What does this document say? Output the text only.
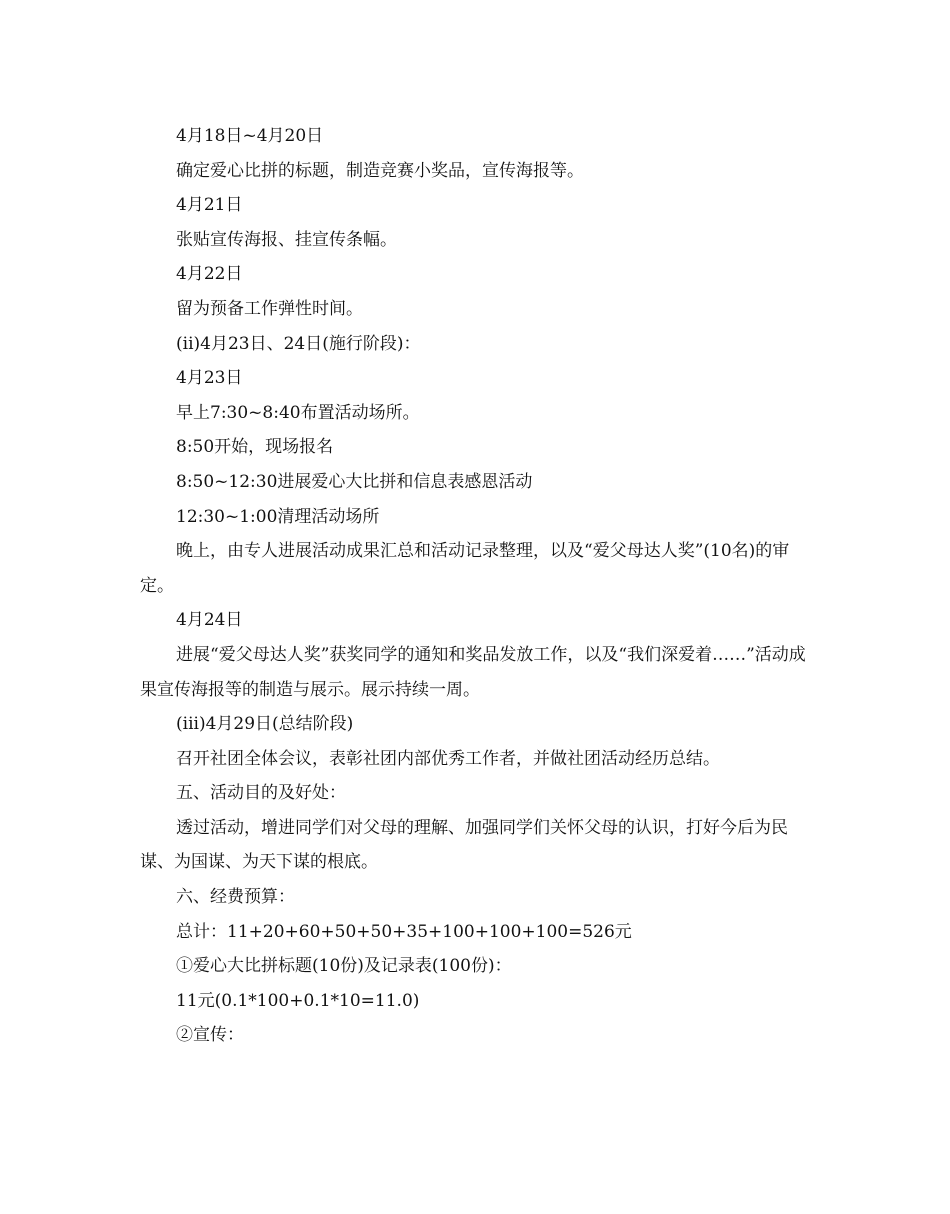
4月18日~4月20日

确定爱心比拼的标题，制造竞赛小奖品，宣传海报等。

4月21日

张贴宣传海报、挂宣传条幅。

4月22日

留为预备工作弹性时间。

(ii)4月23日、24日(施行阶段)：

4月23日

早上7:30~8:40布置活动场所。

8:50开始，现场报名

8:50~12:30进展爱心大比拼和信息表感恩活动

12:30~1:00清理活动场所

晚上，由专人进展活动成果汇总和活动记录整理，以及“爱父母达人奖”(10名)的审定。

4月24日

进展“爱父母达人奖”获奖同学的通知和奖品发放工作，以及“我们深爱着……”活动成果宣传海报等的制造与展示。展示持续一周。

(iii)4月29日(总结阶段)

召开社团全体会议，表彰社团内部优秀工作者，并做社团活动经历总结。

五、活动目的及好处：

透过活动，增进同学们对父母的理解、加强同学们关怀父母的认识，打好今后为民谋、为国谋、为天下谋的根底。

六、经费预算：

总计：11+20+60+50+50+35+100+100+100=526元

①爱心大比拼标题(10份)及记录表(100份)：

11元(0.1*100+0.1*10=11.0)

②宣传：
